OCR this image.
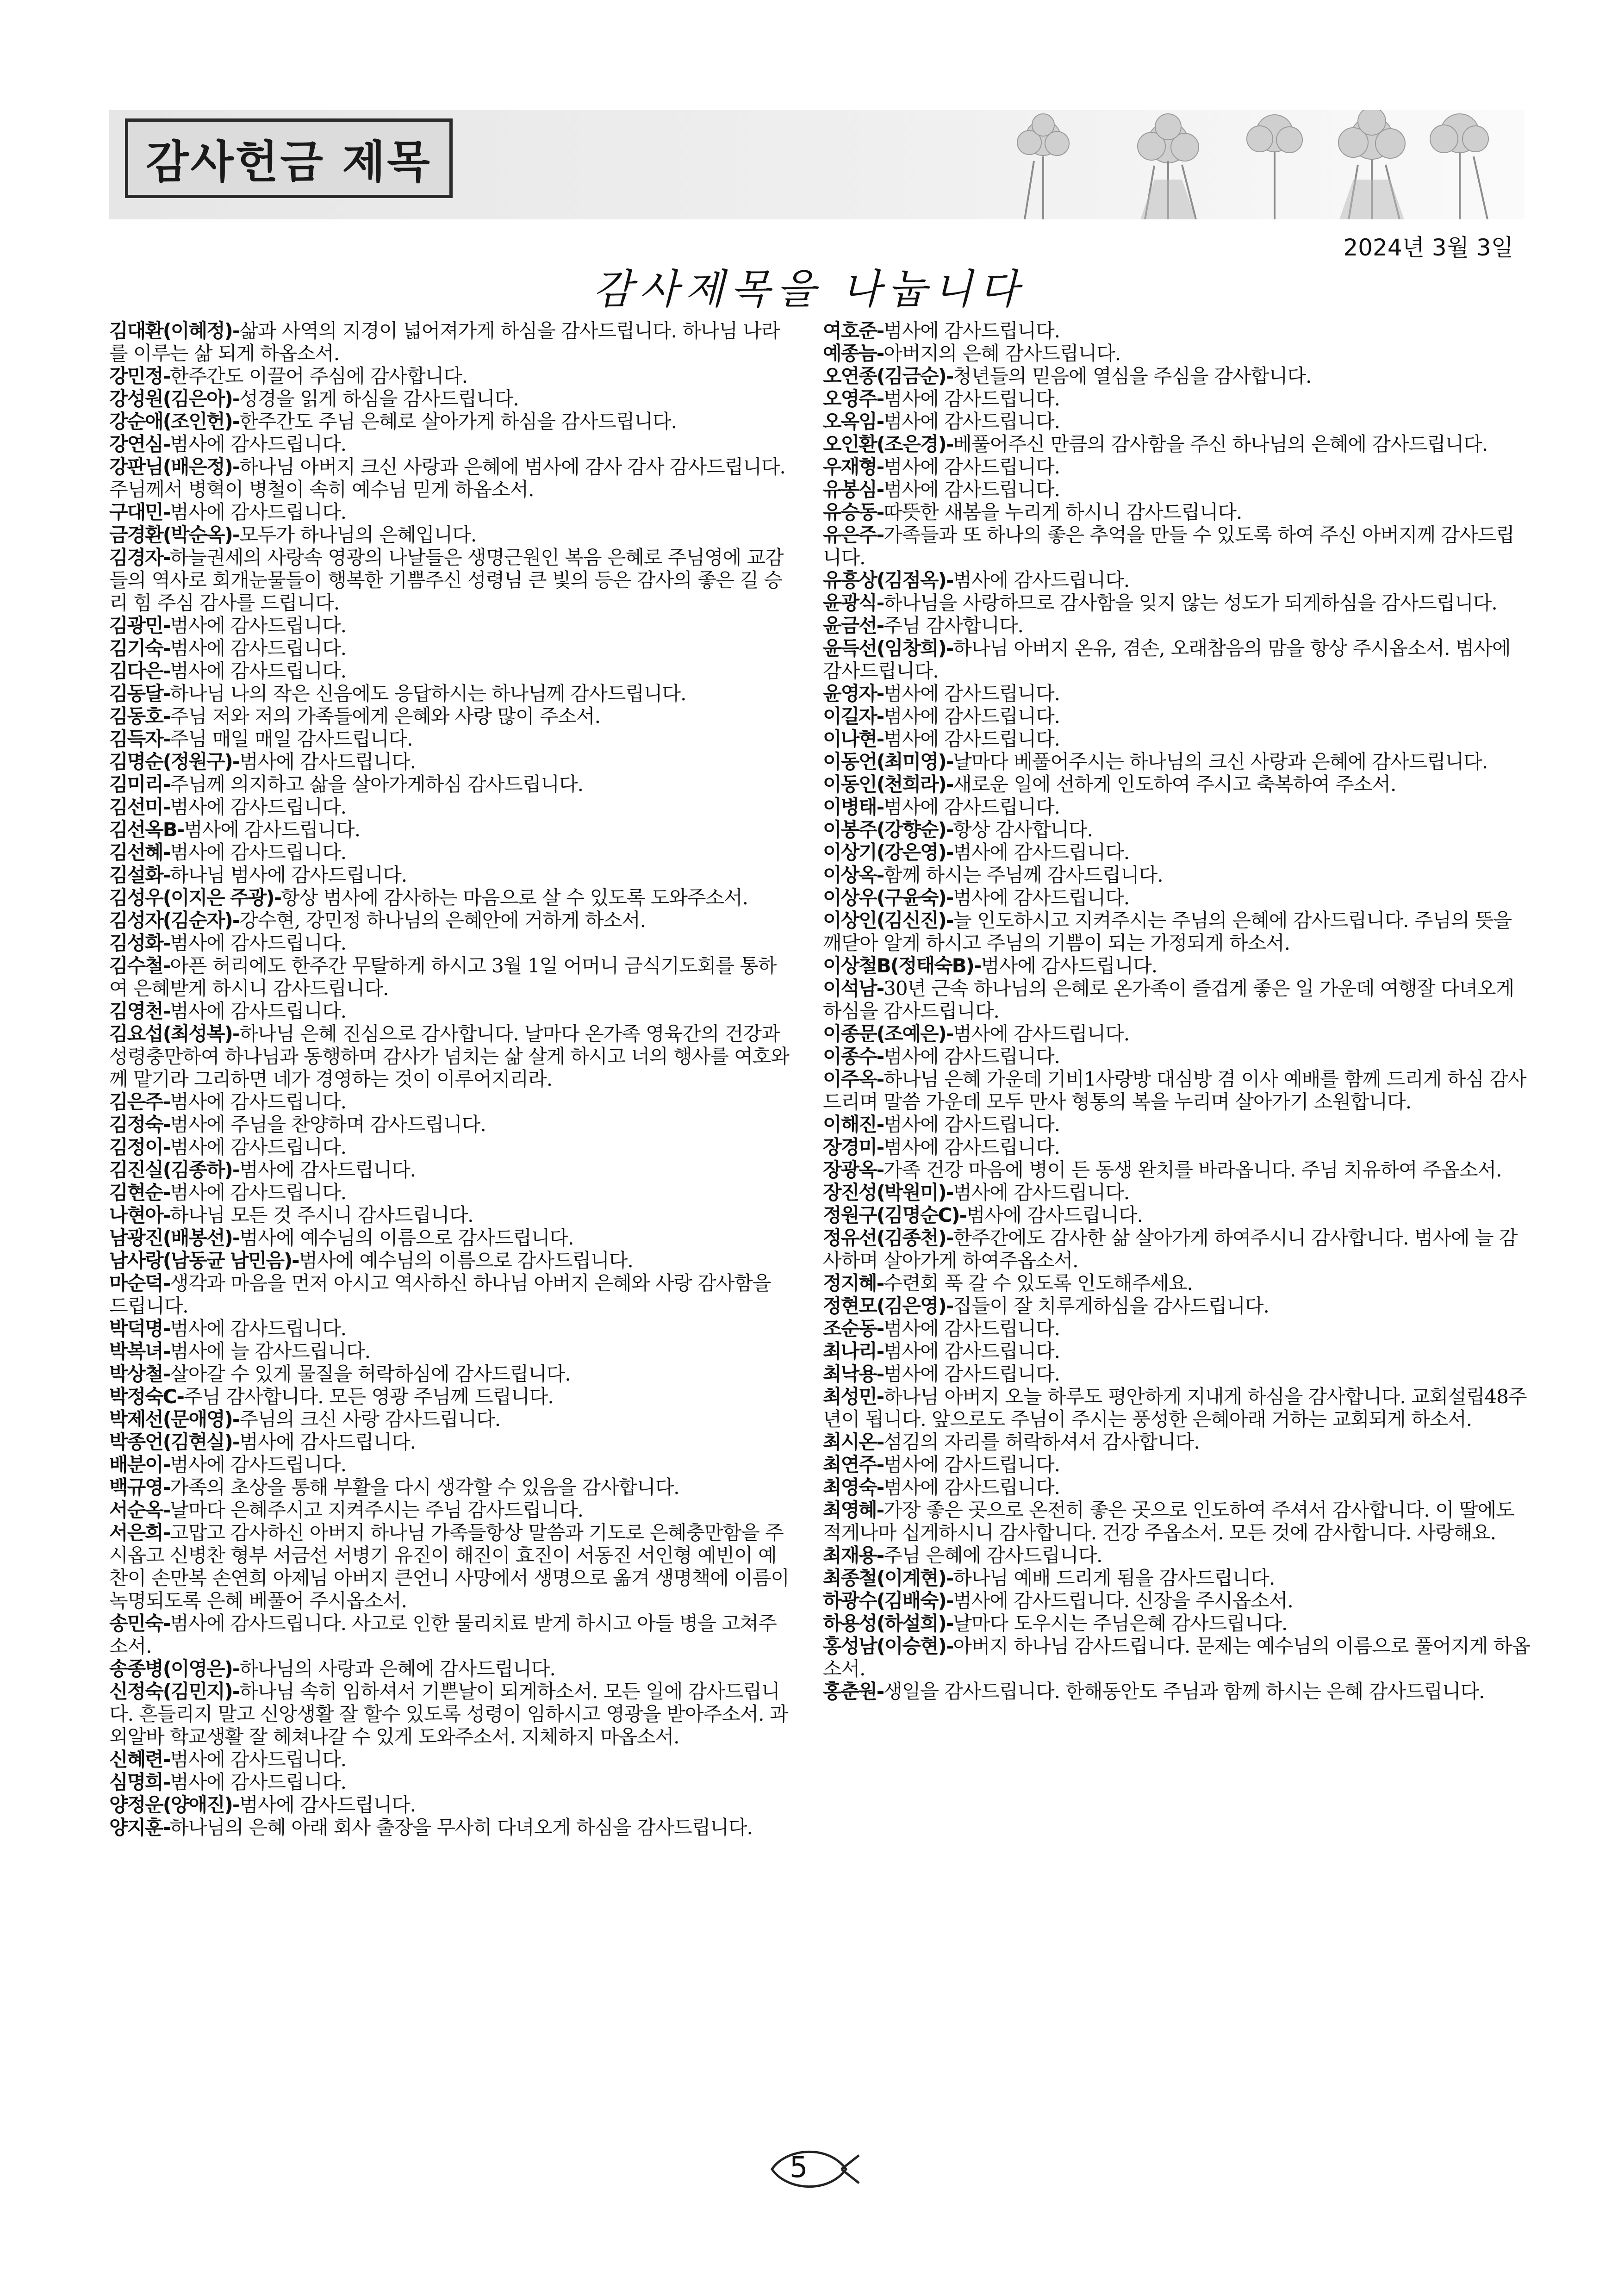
감사헌금 제목
2024년 3월 3일
감사제목을 나눕니다

김대환(이혜정)-삶과 사역의 지경이 넓어져가게 하심을 감사드립니다. 하나님 나라를 이루는 삶 되게 하옵소서.

강민정-한주간도 이끌어 주심에 감사합니다.

강성원(김은아)-성경을 읽게 하심을 감사드립니다.

강순애(조인헌)-한주간도 주님 은혜로 살아가게 하심을 감사드립니다.

강연심-범사에 감사드립니다.

강판님(배은정)-하나님 아버지 크신 사랑과 은혜에 범사에 감사 감사 감사드립니다. 주님께서 병혁이 병철이 속히 예수님 믿게 하옵소서.

구대민-범사에 감사드립니다.

금경환(박순옥)-모두가 하나님의 은혜입니다.

김경자-하늘권세의 사랑속 영광의 나날들은 생명근원인 복음 은혜로 주님영에 교감들의 역사로 회개눈물들이 행복한 기쁨주신 성령님 큰 빛의 등은 감사의 좋은 길 승리 힘 주심 감사를 드립니다.

김광민-범사에 감사드립니다.

김기숙-범사에 감사드립니다.

김다은-범사에 감사드립니다.

김동달-하나님 나의 작은 신음에도 응답하시는 하나님께 감사드립니다.

김동호-주님 저와 저의 가족들에게 은혜와 사랑 많이 주소서.

김득자-주님 매일 매일 감사드립니다.

김명순(정원구)-범사에 감사드립니다.

김미리-주님께 의지하고 삶을 살아가게하심 감사드립니다.

김선미-범사에 감사드립니다.

김선옥B-범사에 감사드립니다.

김선혜-범사에 감사드립니다.

김설화-하나님 범사에 감사드립니다.

김성우(이지은 주광)-항상 범사에 감사하는 마음으로 살 수 있도록 도와주소서.

김성자(김순자)-강수현, 강민정 하나님의 은혜안에 거하게 하소서.

김성화-범사에 감사드립니다.

김수철-아픈 허리에도 한주간 무탈하게 하시고 3월 1일 어머니 금식기도회를 통하여 은혜받게 하시니 감사드립니다.

김영천-범사에 감사드립니다.

김요섭(최성복)-하나님 은혜 진심으로 감사합니다. 날마다 온가족 영육간의 건강과 성령충만하여 하나님과 동행하며 감사가 넘치는 삶 살게 하시고 너의 행사를 여호와께 맡기라 그리하면 네가 경영하는 것이 이루어지리라.

김은주-범사에 감사드립니다.

김정숙-범사에 주님을 찬양하며 감사드립니다.

김정이-범사에 감사드립니다.

김진실(김종하)-범사에 감사드립니다.

김현순-범사에 감사드립니다.

나현아-하나님 모든 것 주시니 감사드립니다.

남광진(배봉선)-범사에 예수님의 이름으로 감사드립니다.

남사랑(남동균 남민음)-범사에 예수님의 이름으로 감사드립니다.

마순덕-생각과 마음을 먼저 아시고 역사하신 하나님 아버지 은혜와 사랑 감사함을 드립니다.

박덕명-범사에 감사드립니다.

박복녀-범사에 늘 감사드립니다.

박상철-살아갈 수 있게 물질을 허락하심에 감사드립니다.

박정숙C-주님 감사합니다. 모든 영광 주님께 드립니다.

박제선(문애영)-주님의 크신 사랑 감사드립니다.

박종언(김현실)-범사에 감사드립니다.

배분이-범사에 감사드립니다.

백규영-가족의 초상을 통해 부활을 다시 생각할 수 있음을 감사합니다.

서순옥-날마다 은혜주시고 지켜주시는 주님 감사드립니다.

서은희-고맙고 감사하신 아버지 하나님 가족들항상 말씀과 기도로 은혜충만함을 주시옵고 신병찬 형부 서금선 서병기 유진이 해진이 효진이 서동진 서인형 예빈이 예찬이 손만복 손연희 아제님 아버지 큰언니 사망에서 생명으로 옮겨 생명책에 이름이 녹명되도록 은혜 베풀어 주시옵소서.

송민숙-범사에 감사드립니다. 사고로 인한 물리치료 받게 하시고 아들 병을 고쳐주소서.

송종병(이영은)-하나님의 사랑과 은혜에 감사드립니다.

신정숙(김민지)-하나님 속히 임하셔서 기쁜날이 되게하소서. 모든 일에 감사드립니다. 흔들리지 말고 신앙생활 잘 할수 있도록 성령이 임하시고 영광을 받아주소서. 과외알바 학교생활 잘 헤쳐나갈 수 있게 도와주소서. 지체하지 마옵소서.

신혜련-범사에 감사드립니다.

심명희-범사에 감사드립니다.

양정운(양애진)-범사에 감사드립니다.

양지훈-하나님의 은혜 아래 회사 출장을 무사히 다녀오게 하심을 감사드립니다.

여호준-범사에 감사드립니다.

예종늠-아버지의 은혜 감사드립니다.

오연종(김금순)-청년들의 믿음에 열심을 주심을 감사합니다.

오영주-범사에 감사드립니다.

오옥임-범사에 감사드립니다.

오인환(조은경)-베풀어주신 만큼의 감사함을 주신 하나님의 은혜에 감사드립니다.

우재형-범사에 감사드립니다.

유봉심-범사에 감사드립니다.

유승동-따뜻한 새봄을 누리게 하시니 감사드립니다.

유은주-가족들과 또 하나의 좋은 추억을 만들 수 있도록 하여 주신 아버지께 감사드립니다.

유흥상(김점옥)-범사에 감사드립니다.

윤광식-하나님을 사랑하므로 감사함을 잊지 않는 성도가 되게하심을 감사드립니다.

윤금선-주님 감사합니다.

윤득선(임창희)-하나님 아버지 온유, 겸손, 오래참음의 맘을 항상 주시옵소서. 범사에 감사드립니다.

윤영자-범사에 감사드립니다.

이길자-범사에 감사드립니다.

이나현-범사에 감사드립니다.

이동언(최미영)-날마다 베풀어주시는 하나님의 크신 사랑과 은혜에 감사드립니다.

이동인(천희라)-새로운 일에 선하게 인도하여 주시고 축복하여 주소서.

이병태-범사에 감사드립니다.

이봉주(강향순)-항상 감사합니다.

이상기(강은영)-범사에 감사드립니다.

이상옥-함께 하시는 주님께 감사드립니다.

이상우(구윤숙)-범사에 감사드립니다.

이상인(김신진)-늘 인도하시고 지켜주시는 주님의 은혜에 감사드립니다. 주님의 뜻을 깨닫아 알게 하시고 주님의 기쁨이 되는 가정되게 하소서.

이상철B(정태숙B)-범사에 감사드립니다.

이석남-30년 근속 하나님의 은혜로 온가족이 즐겁게 좋은 일 가운데 여행잘 다녀오게 하심을 감사드립니다.

이종문(조예은)-범사에 감사드립니다.

이종수-범사에 감사드립니다.

이주옥-하나님 은혜 가운데 기비1사랑방 대심방 겸 이사 예배를 함께 드리게 하심 감사드리며 말씀 가운데 모두 만사 형통의 복을 누리며 살아가기 소원합니다.

이해진-범사에 감사드립니다.

장경미-범사에 감사드립니다.

장광옥-가족 건강 마음에 병이 든 동생 완치를 바라옵니다. 주님 치유하여 주옵소서.

장진성(박원미)-범사에 감사드립니다.

정원구(김명순C)-범사에 감사드립니다.

정유선(김종천)-한주간에도 감사한 삶 살아가게 하여주시니 감사합니다. 범사에 늘 감사하며 살아가게 하여주옵소서.

정지혜-수련회 푹 갈 수 있도록 인도해주세요.

정현모(김은영)-집들이 잘 치루게하심을 감사드립니다.

조순동-범사에 감사드립니다.

최나리-범사에 감사드립니다.

최낙용-범사에 감사드립니다.

최성민-하나님 아버지 오늘 하루도 평안하게 지내게 하심을 감사합니다. 교회설립48주년이 됩니다. 앞으로도 주님이 주시는 풍성한 은혜아래 거하는 교회되게 하소서.

최시온-섬김의 자리를 허락하셔서 감사합니다.

최연주-범사에 감사드립니다.

최영숙-범사에 감사드립니다.

최영혜-가장 좋은 곳으로 온전히 좋은 곳으로 인도하여 주셔서 감사합니다. 이 딸에도 적게나마 십게하시니 감사합니다. 건강 주옵소서. 모든 것에 감사합니다. 사랑해요.

최재용-주님 은혜에 감사드립니다.

최종철(이계현)-하나님 예배 드리게 됨을 감사드립니다.

하광수(김배숙)-범사에 감사드립니다. 신장을 주시옵소서.

하용성(하설희)-날마다 도우시는 주님은혜 감사드립니다.

홍성남(이승현)-아버지 하나님 감사드립니다. 문제는 예수님의 이름으로 풀어지게 하옵소서.

홍춘원-생일을 감사드립니다. 한해동안도 주님과 함께 하시는 은혜 감사드립니다.

5
